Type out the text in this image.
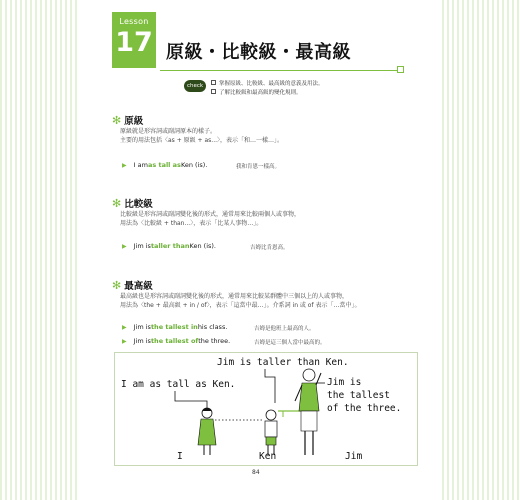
Lesson
17 原級・比較級・最高級
check	掌握原級、比較級、最高級的意義及用法。
了解比較級和最高級的變化規則。
✻ 原級
原級就是形容詞或副詞原本的樣子。
主要的用法包括〈as + 原級 + as...〉，表示「和…一樣…」。
▶ I am as tall as Ken (is).	我和肯恩一樣高。
✻ 比較級
比較級是形容詞或副詞變化後的形式，通常用來比較兩個人或事物，
用法為〈比較級 + than...〉，表示「比某人事物…」。
▶ Jim is taller than Ken (is).	吉姆比肯恩高。
✻ 最高級
最高級也是形容詞或副詞變化後的形式，通常用來比較某群體中三個以上的人或事物，
用法為〈the + 最高級 + in / of〉，表示「這當中最…」。介系詞 in 或 of 表示「…當中」。
▶ Jim is the tallest in his class.	吉姆是他班上最高的人。
▶ Jim is the tallest of the three.	吉姆是這三個人當中最高的。
I am as tall as Ken.
Jim is taller than Ken.
Jim is
the tallest
of the three.
I	Ken	Jim
84
